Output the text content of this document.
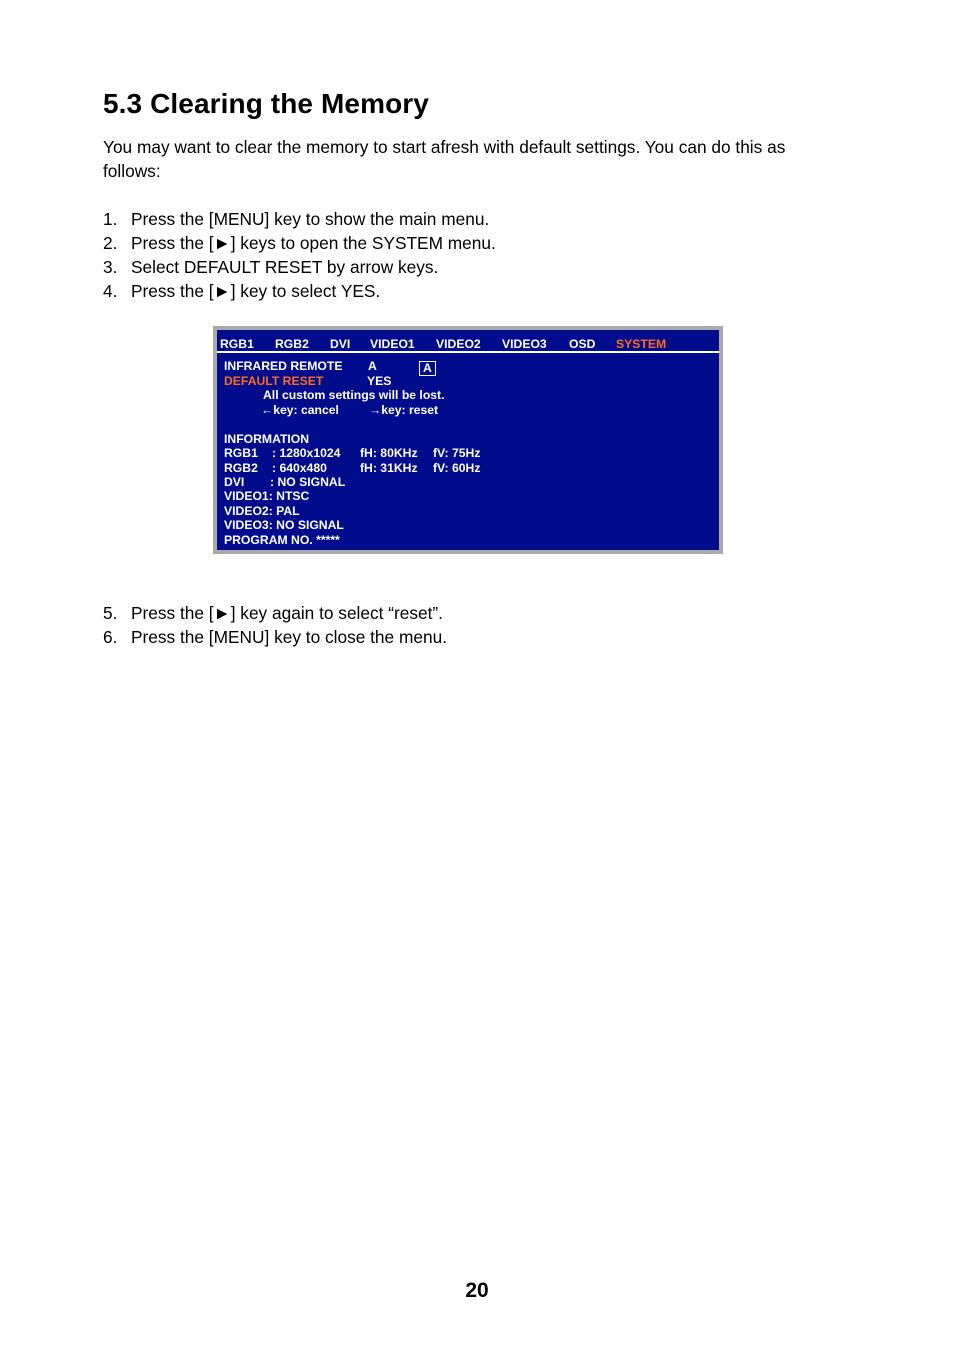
5.3 Clearing the Memory

You may want to clear the memory to start afresh with default settings. You can do this as follows:

1. Press the [MENU] key to show the main menu.
2. Press the [►] keys to open the SYSTEM menu.
3. Select DEFAULT RESET by arrow keys.
4. Press the [►] key to select YES.
RGB1 RGB2 DVI VIDEO1 VIDEO2 VIDEO3 OSD SYSTEM
INFRARED REMOTE A	A
DEFAULT RESET	YES
All custom settings will be lost.
←key: cancel →key: reset
INFORMATION
RGB1 : 1280x1024 fH: 80KHz fV: 75Hz
RGB2 : 640x480	fH: 31KHz fV: 60Hz
DVI : NO SIGNAL
VIDEO1: NTSC
VIDEO2: PAL
VIDEO3: NO SIGNAL
PROGRAM NO. *****
5. Press the [►] key again to select “reset”.
6. Press the [MENU] key to close the menu.
20
